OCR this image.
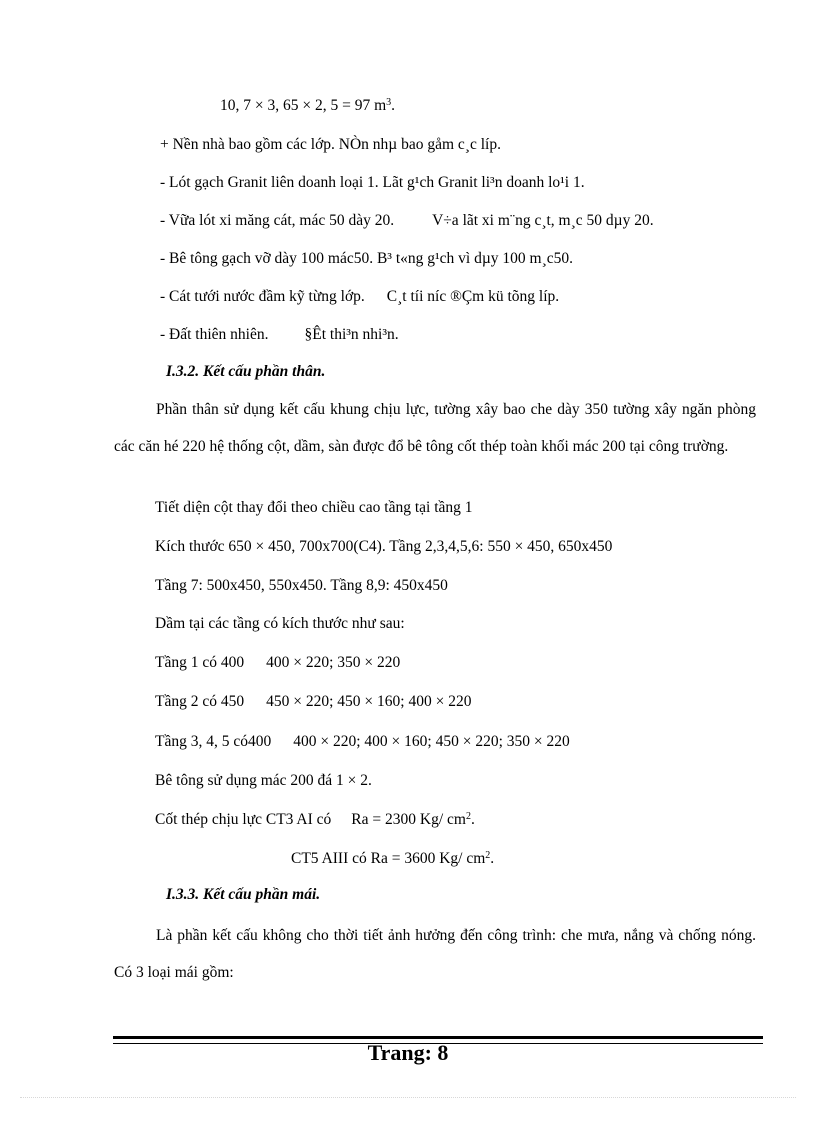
10, 7 × 3, 65 × 2, 5 = 97 $m^3$.
+ Nền nhà bao gồm các lớp. NÒn nhµ bao gåm c¸c líp.
- Lót gạch Granit liên doanh loại 1. Lãt g¹ch Granit li³n doanh lo¹i 1.
- Vữa lót xi măng cát, mác 50 dày 20. V÷a lãt xi m¨ng c¸t, m¸c 50 dµy 20.
- Bê tông gạch vỡ dày 100 mác50. B³ t«ng g¹ch vì dµy 100 m¸c50.
- Cát tưới nước đầm kỹ từng lớp. C¸t tíi níc ®Çm kü tõng líp.
- Đất thiên nhiên. §Êt thi³n nhi³n.
I.3.2. Kết cấu phần thân.
Phần thân sử dụng kết cấu khung chịu lực, tường xây bao che dày 350 tường xây ngăn phòng các căn hé 220 hệ thống cột, dầm, sàn được đổ bê tông cốt thép toàn khối mác 200 tại công trường.
Tiết diện cột thay đổi theo chiều cao tầng tại tầng 1
Kích thước 650 × 450, 700x700(C4). Tầng 2,3,4,5,6: 550 × 450, 650x450
Tầng 7: 500x450, 550x450. Tầng 8,9: 450x450
Dầm tại các tầng có kích thước như sau:
Tầng 1 có 400 400 × 220; 350 × 220
Tầng 2 có 450 450 × 220; 450 × 160; 400 × 220
Tầng 3, 4, 5 có400 400 × 220; 400 × 160; 450 × 220; 350 × 220
Bê tông sử dụng mác 200 đá 1 × 2.
Cốt thép chịu lực CT3 AI có Ra = 2300 Kg/ $cm^2$.
CT5 AIII có Ra = 3600 Kg/ $cm^2$.
I.3.3. Kết cấu phần mái.
Là phần kết cấu không cho thời tiết ảnh hưởng đến công trình: che mưa, nắng và chống nóng. Có 3 loại mái gồm:
Trang: 8
